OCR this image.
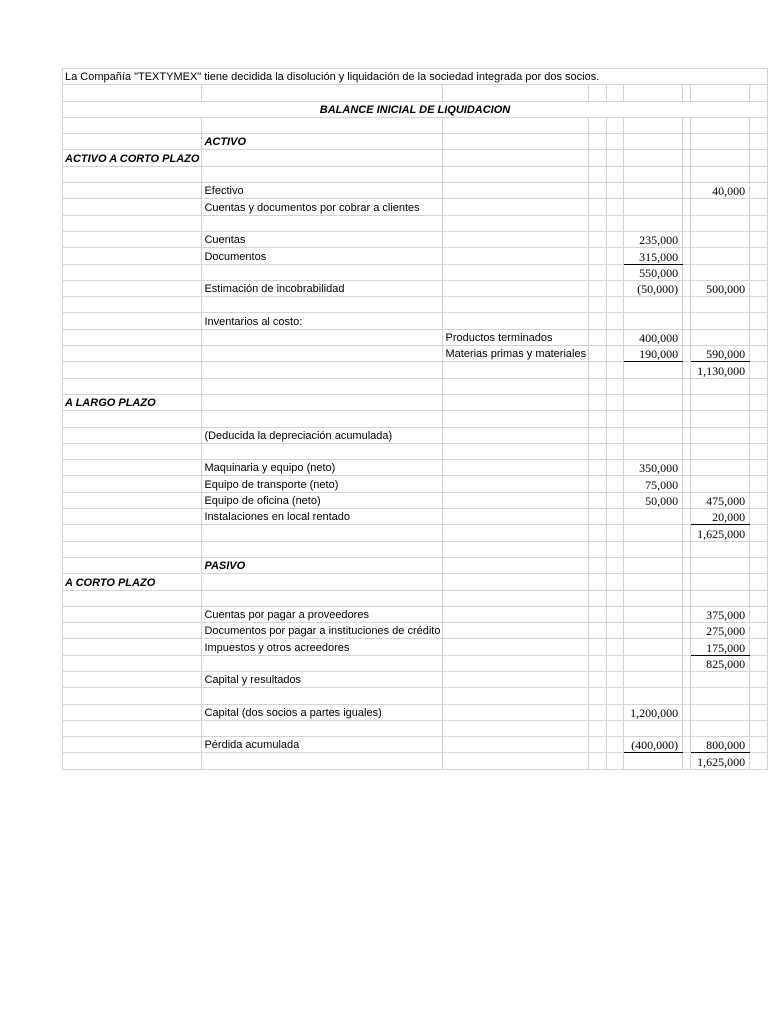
La Compañía "TEXTYMEX" tiene decidida la disolución y liquidación de la sociedad integrada por dos socios.								

BALANCE INICIAL DE LIQUIDACION								

	ACTIVO							
ACTIVO A CORTO PLAZO								

	Efectivo						40,000	
	Cuentas y documentos por cobrar a clientes							

	Cuentas				235,000			
	Documentos				315,000			
					550,000			
	Estimación de incobrabilidad				(50,000)		500,000	

	Inventarios al costo:							
		Productos terminados			400,000			
		Materias primas y materiales			190,000		590,000	
							1,130,000	

A LARGO PLAZO								

	(Deducida la depreciación acumulada)							

	Maquinaria y equipo (neto)				350,000			
	Equipo de transporte (neto)				75,000			
	Equipo de oficina (neto)				50,000		475,000	
	Instalaciones en local rentado						20,000	
							1,625,000	

	PASIVO							
A CORTO PLAZO								

	Cuentas por pagar a proveedores						375,000	
	Documentos por pagar a instituciones de crédito						275,000	
	Impuestos y otros acreedores						175,000	
							825,000	
	Capital y resultados							

	Capital (dos socios a partes iguales)				1,200,000			

	Pérdida acumulada				(400,000)		800,000	
							1,625,000	
